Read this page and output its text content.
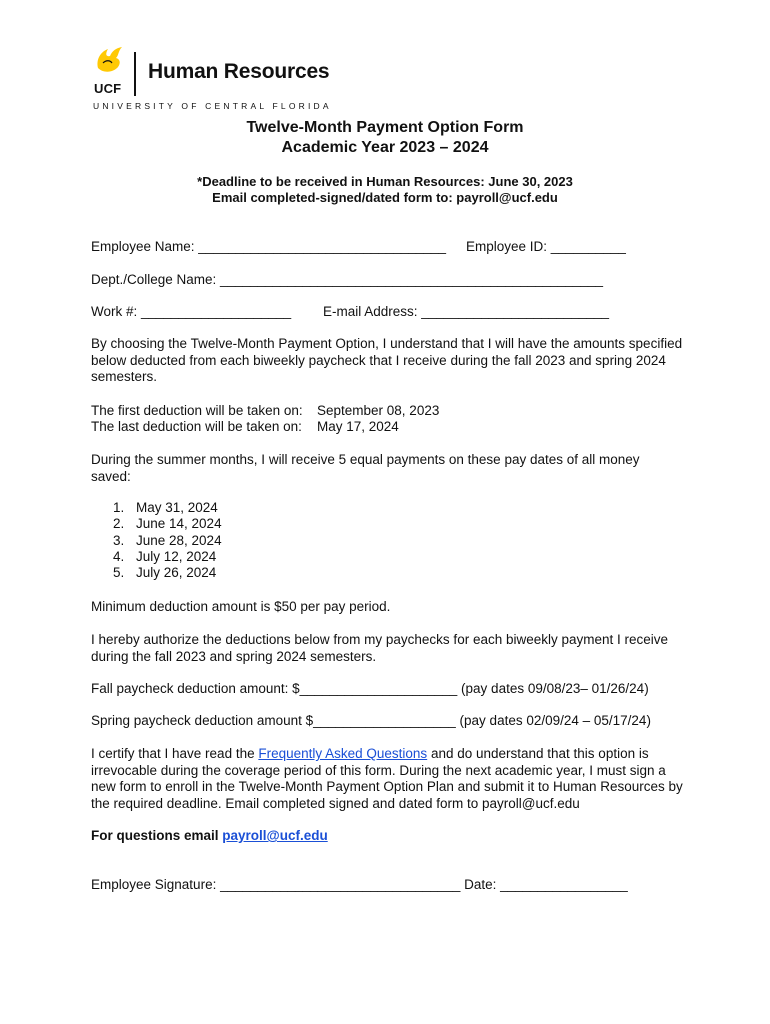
UCF
Human Resources
UNIVERSITY OF CENTRAL FLORIDA
Twelve-Month Payment Option Form
Academic Year 2023 – 2024
*Deadline to be received in Human Resources: June 30, 2023
Email completed-signed/dated form to: payroll@ucf.edu
Employee Name: _________________________________ Employee ID: __________
Dept./College Name: ___________________________________________________
Work #: ____________________ E-mail Address: _________________________
By choosing the Twelve-Month Payment Option, I understand that I will have the amounts specified below deducted from each biweekly paycheck that I receive during the fall 2023 and spring 2024 semesters.
The first deduction will be taken on: September 08, 2023
The last deduction will be taken on: May 17, 2024
During the summer months, I will receive 5 equal payments on these pay dates of all money saved:
1. May 31, 2024
2. June 14, 2024
3. June 28, 2024
4. July 12, 2024
5. July 26, 2024
Minimum deduction amount is $50 per pay period.
I hereby authorize the deductions below from my paychecks for each biweekly payment I receive during the fall 2023 and spring 2024 semesters.
Fall paycheck deduction amount: $_____________________ (pay dates 09/08/23– 01/26/24)
Spring paycheck deduction amount $___________________ (pay dates 02/09/24 – 05/17/24)
I certify that I have read the Frequently Asked Questions and do understand that this option is irrevocable during the coverage period of this form. During the next academic year, I must sign a new form to enroll in the Twelve-Month Payment Option Plan and submit it to Human Resources by the required deadline. Email completed signed and dated form to payroll@ucf.edu
For questions email payroll@ucf.edu
Employee Signature: ________________________________ Date: _________________
